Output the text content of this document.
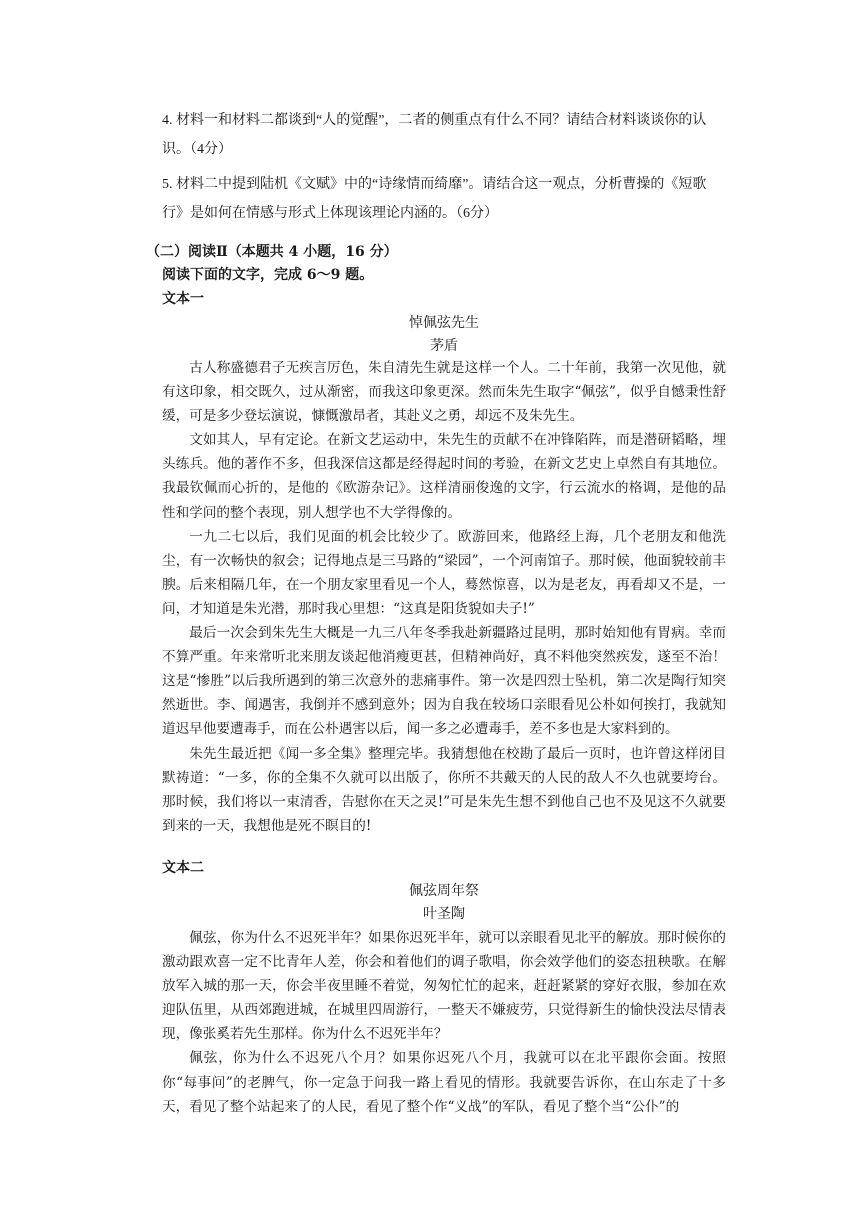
4. 材料一和材料二都谈到“人的觉醒”，二者的侧重点有什么不同？请结合材料谈谈你的认识。（4分）
5. 材料二中提到陆机《文赋》中的“诗缘情而绮靡”。请结合这一观点，分析曹操的《短歌行》是如何在情感与形式上体现该理论内涵的。（6分）
（二）阅读Ⅱ（本题共 4 小题，16 分）
阅读下面的文字，完成 6～9 题。
文本一
悼佩弦先生
茅盾

古人称盛德君子无疾言厉色，朱自清先生就是这样一个人。二十年前，我第一次见他，就有这印象，相交既久，过从渐密，而我这印象更深。然而朱先生取字“佩弦”，似乎自憾秉性舒缓，可是多少登坛演说，慷慨激昂者，其赴义之勇，却远不及朱先生。

文如其人，早有定论。在新文艺运动中，朱先生的贡献不在冲锋陷阵，而是潜研韬略，埋头练兵。他的著作不多，但我深信这都是经得起时间的考验，在新文艺史上卓然自有其地位。我最钦佩而心折的，是他的《欧游杂记》。这样清丽俊逸的文字，行云流水的格调，是他的品性和学问的整个表现，别人想学也不大学得像的。

一九二七以后，我们见面的机会比较少了。欧游回来，他路经上海，几个老朋友和他洗尘，有一次畅快的叙会；记得地点是三马路的“梁园”，一个河南馆子。那时候，他面貌较前丰腴。后来相隔几年，在一个朋友家里看见一个人，蓦然惊喜，以为是老友，再看却又不是，一问，才知道是朱光潜，那时我心里想：“这真是阳货貌如夫子!”

最后一次会到朱先生大概是一九三八年冬季我赴新疆路过昆明，那时始知他有胃病。幸而不算严重。年来常听北来朋友谈起他消瘦更甚，但精神尚好，真不料他突然疾发，遂至不治！这是“惨胜”以后我所遇到的第三次意外的悲痛事件。第一次是四烈士坠机，第二次是陶行知突然逝世。李、闻遇害，我倒并不感到意外；因为自我在较场口亲眼看见公朴如何挨打，我就知道迟早他要遭毒手，而在公朴遇害以后，闻一多之必遭毒手，差不多也是大家料到的。

朱先生最近把《闻一多全集》整理完毕。我猜想他在校勘了最后一页时，也许曾这样闭目默祷道：“一多，你的全集不久就可以出版了，你所不共戴天的人民的敌人不久也就要垮台。那时候，我们将以一束清香，告慰你在天之灵!”可是朱先生想不到他自己也不及见这不久就要到来的一天，我想他是死不瞑目的!

文本二
佩弦周年祭
叶圣陶

佩弦，你为什么不迟死半年？如果你迟死半年，就可以亲眼看见北平的解放。那时候你的激动跟欢喜一定不比青年人差，你会和着他们的调子歌唱，你会效学他们的姿态扭秧歌。在解放军入城的那一天，你会半夜里睡不着觉，匆匆忙忙的起来，赶赶紧紧的穿好衣服，参加在欢迎队伍里，从西郊跑进城，在城里四周游行，一整天不嫌疲劳，只觉得新生的愉快没法尽情表现，像张奚若先生那样。你为什么不迟死半年？

佩弦，你为什么不迟死八个月？如果你迟死八个月，我就可以在北平跟你会面。按照你“每事问”的老脾气，你一定急于问我一路上看见的情形。我就要告诉你，在山东走了十多天，看见了整个站起来了的人民，看见了整个作“义战”的军队，看见了整个当“公仆”的
